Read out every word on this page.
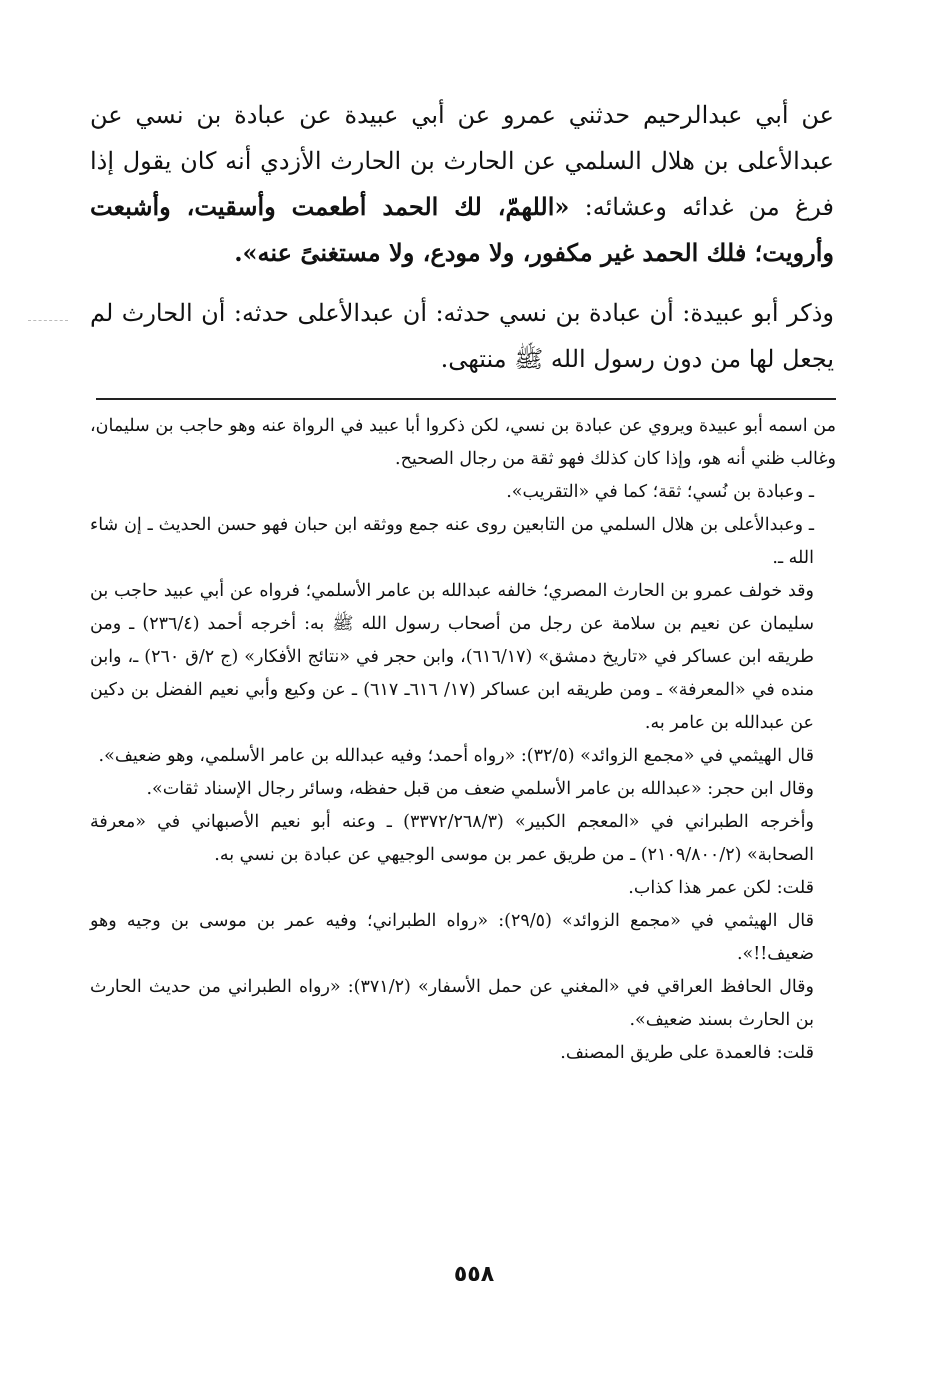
عن أبي عبدالرحيم حدثني عمرو عن أبي عبيدة عن عبادة بن نسي عن عبدالأعلى بن هلال السلمي عن الحارث بن الحارث الأزدي أنه كان يقول إذا فرغ من غدائه وعشائه: «اللهمّ، لك الحمد أطعمت وأسقيت، وأشبعت وأرويت؛ فلك الحمد غير مكفور، ولا مودع، ولا مستغنىً عنه».

وذكر أبو عبيدة: أن عبادة بن نسي حدثه: أن عبدالأعلى حدثه: أن الحارث لم يجعل لها من دون رسول الله ﷺ منتهى.

من اسمه أبو عبيدة ويروي عن عبادة بن نسي، لكن ذكروا أبا عبيد في الرواة عنه وهو حاجب بن سليمان، وغالب ظني أنه هو، وإذا كان كذلك فهو ثقة من رجال الصحيح.

ـ وعبادة بن نُسي؛ ثقة؛ كما في «التقريب».

ـ وعبدالأعلى بن هلال السلمي من التابعين روى عنه جمع ووثقه ابن حبان فهو حسن الحديث ـ إن شاء الله ـ.

وقد خولف عمرو بن الحارث المصري؛ خالفه عبدالله بن عامر الأسلمي؛ فرواه عن أبي عبيد حاجب بن سليمان عن نعيم بن سلامة عن رجل من أصحاب رسول الله ﷺ به: أخرجه أحمد (٢٣٦/٤) ـ ومن طريقه ابن عساكر في «تاريخ دمشق» (٦١٦/١٧)، وابن حجر في «نتائج الأفكار» (ج ٢/ق ٢٦٠) ـ، وابن منده في «المعرفة» ـ ومن طريقه ابن عساكر (١٧/ ٦١٦ـ ٦١٧) ـ عن وكيع وأبي نعيم الفضل بن دكين عن عبدالله بن عامر به.

قال الهيثمي في «مجمع الزوائد» (٣٢/٥): «رواه أحمد؛ وفيه عبدالله بن عامر الأسلمي، وهو ضعيف».

وقال ابن حجر: «عبدالله بن عامر الأسلمي ضعف من قبل حفظه، وسائر رجال الإسناد ثقات».

وأخرجه الطبراني في «المعجم الكبير» (٣٣٧٢/٢٦٨/٣) ـ وعنه أبو نعيم الأصبهاني في «معرفة الصحابة» (٢١٠٩/٨٠٠/٢) ـ من طريق عمر بن موسى الوجيهي عن عبادة بن نسي به.

قلت: لكن عمر هذا كذاب.

قال الهيثمي في «مجمع الزوائد» (٢٩/٥): «رواه الطبراني؛ وفيه عمر بن موسى بن وجيه وهو ضعيف!!».

وقال الحافظ العراقي في «المغني عن حمل الأسفار» (٣٧١/٢): «رواه الطبراني من حديث الحارث بن الحارث بسند ضعيف».

قلت: فالعمدة على طريق المصنف.

٥٥٨
